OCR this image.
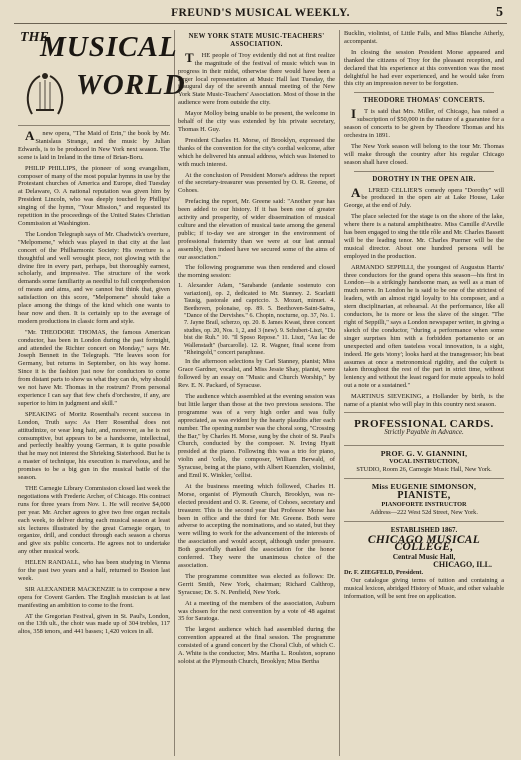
FREUND'S MUSICAL WEEKLY.	5
THE
MUSICAL
WORLD

Anew opera, "The Maid of Erin," the book by Mr. Stanislaus Strange, and the music by Julian Edwards, is to be produced in New York next season. The scene is laid in Ireland in the time of Brian-Boru.

PHILIP PHILLIPS, the pioneer of song evangelism, composer of many of the most popular hymns in use by the Protestant churches of America and Europe, died Tuesday at Delaware, O. A national reputation was given him by President Lincoln, who was deeply touched by Phillips' singing of the hymn, "Your Mission," and requested its repetition in the proceedings of the United States Christian Commission at Washington.

The London Telegraph says of Mr. Chadwick's overture, "Melpomene," which was played in that city at the last concert of the Philharmonic Society: His overture is a thoughtful and well wrought piece, not glowing with the divine fire in every part, perhaps, but thoroughly earnest, scholarly, and impressive. The structure of the work demands some familiarity as needful to full comprehension of means and aims, and we cannot but think that, given satisfaction on this score, "Melpomene" should take a place among the things of the kind which one wants to hear now and then. It is certainly up to the average of modern productions in classic form and style.

"Mr. THEODORE THOMAS, the famous American conductor, has been in London during the past fortnight, and attended the Richter concert on Monday," says Mr. Joseph Bennett in the Telegraph. "He leaves soon for Germany, but returns in September, on his way home. Since it is the fashion just now for conductors to come from distant parts to show us what they can do, why should we not have Mr. Thomas in the rostrum? From personal experience I can say that few chefs d'orchestre, if any, are superior to him in judgment and skill."

SPEAKING of Moritz Rosenthal's recent success in London, Truth says: As Herr Rosenthal does not attitudinize, or wear long hair, and, moreover, as he is not consumptive, but appears to be a handsome, intellectual, and perfectly healthy young German, it is quite possible that he may not interest the Shrieking Sisterhood. But he is a master of technique, his execution is marvelous, and he promises to be a big gun in the musical battle of the season.

THE Carnegie Library Commission closed last week the negotiations with Frederic Archer, of Chicago. His contract runs for three years from Nov. 1. He will receive $4,000 per year. Mr. Archer agrees to give two free organ recitals each week, to deliver during each musical season at least six lectures illustrated by the great Carnegie organ, to organize, drill, and conduct through each season a chorus and give six public concerts. He agrees not to undertake any other musical work.

HELEN RANDALL, who has been studying in Vienna for the past two years and a half, returned to Boston last week.

SIR ALEXANDER MACKENZIE is to compose a new opera for Covent Garden. The English musician is at last manifesting an ambition to come to the front.

AT the Gregorian Festival, given in St. Paul's, London, on the 13th ult., the choir was made up of 304 trebles, 117 altos, 358 tenors, and 441 basses; 1,420 voices in all.

NEW YORK STATE MUSIC-TEACHERS' ASSOCIATION.

THE people of Troy evidently did not at first realize the magnitude of the festival of music which was in progress in their midst, otherwise there would have been a larger local representation at Music Hall last Tuesday, the inaugural day of the seventh annual meeting of the New York State Music-Teachers' Association. Most of those in the audience were from outside the city.

Mayor Molloy being unable to be present, the welcome in behalf of the city was extended by his private secretary, Thomas H. Guy.

President Charles H. Morse, of Brooklyn, expressed the thanks of the convention for the city's cordial welcome, after which he delivered his annual address, which was listened to with much interest.

At the conclusion of President Morse's address the report of the secretary-treasurer was presented by O. R. Greene, of Cohoes.

Prefacing the report, Mr. Greene said: "Another year has been added to our history. If it has been one of greater activity and prosperity, of wider dissemination of musical culture and the elevation of musical taste among the general public; if to-day we are stronger in the environment of professional fraternity than we were at our last annual assembly, then indeed have we secured some of the aims of our association."

The following programme was then rendered and closed the morning session:

1. Alexander Adam, "Sarabande (andante sostenuto con variazioni), op. 2, dedicated to Mr. Stanney. 2. Scarlatti Tausig, pastorale and capriccio. 3. Mozart, minuet. 4. Beethoven, polonaise, op. 89. 5. Beethoven-Saint-Saëns, "Dance of the Dervishes." 6. Chopin, nocturne, op. 37, No. 1. 7. Jayne Brail, scherzo, op. 20. 8. James Kwast, three concert studies, op. 20, Nos. 1, 2, and 3 (new). 9. Schubert-Liszt, "Du bist die Ruh." 10. "Il Sposo Repose." 11. Liszt, "Au lac de Wallenstadt" (barcarolle). 12. R. Wagner, final scene from "Rheingold," concert paraphrase.

In the afternoon selections by Carl Stanney, pianist; Miss Grace Gardner, vocalist, and Miss Jessie Shay, pianist, were followed by an essay on "Music and Church Worship," by Rev. E. N. Packard, of Syracuse.

The audience which assembled at the evening session was but little larger than those at the two previous sessions. The programme was of a very high order and was fully appreciated, as was evident by the hearty plaudits after each number. The opening number was the choral song, "Crossing the Bar," by Charles H. Morse, sung by the choir of St. Paul's Church, conducted by the composer. N. Irving Hyatt presided at the piano. Following this was a trio for piano, violin and 'cello, the composer, William Berwald, of Syracuse, being at the piano, with Albert Kuenzlen, violinist, and Emil K. Winkler, 'cellist.

At the business meeting which followed, Charles H. Morse, organist of Plymouth Church, Brooklyn, was re-elected president and O. R. Greene, of Cohoes, secretary and treasurer. This is the second year that Professor Morse has been in office and the third for Mr. Greene. Both were adverse to accepting the nominations, and so stated, but they were willing to work for the advancement of the interests of the association and would accept, although under pressure. Both gracefully thanked the association for the honor conferred. They were the unanimous choice of the association.

The programme committee was elected as follows: Dr. Gerrit Smith, New York, chairman; Richard Calthrop, Syracuse; Dr. S. N. Penfield, New York.

At a meeting of the members of the association, Auburn was chosen for the next convention by a vote of 48 against 35 for Saratoga.

The largest audience which had assembled during the convention appeared at the final session. The programme consisted of a grand concert by the Choral Club, of which C. A. White is the conductor, Mrs. Martha L. Roulston, soprano soloist at the Plymouth Church, Brooklyn; Miss Bertha

Bucklin, violinist, of Little Falls, and Miss Blanche Atherly, accompanist.

In closing the session President Morse appeared and thanked the citizens of Troy for the pleasant reception, and declared that his experience at this convention was the most delightful he had ever experienced, and he would take from this city an impression never to be forgotten.

THEODORE THOMAS' CONCERTS.

IT is said that Mrs. Miller, of Chicago, has raised a subscription of $50,000 in the nature of a guarantee for a season of concerts to be given by Theodore Thomas and his orchestra in 1891.

The New York season will belong to the tour Mr. Thomas will make through the country after his regular Chicago season shall have closed.

DOROTHY IN THE OPEN AIR.

ALFRED CELLIER'S comedy opera "Dorothy" will be produced in the open air at Lake House, Lake George, at the end of July.

The place selected for the stage is on the shore of the lake, where there is a natural amphitheatre. Miss Camille d'Arville has been engaged to sing the title rôle and Mr. Charles Bassett will be the leading tenor. Mr. Charles Puerner will be the musical director. About one hundred persons will be employed in the production.

ARMANDO SEPPILLI, the youngest of Augustus Harris' three conductors for the grand opera this season—his first in London—is a strikingly handsome man, as well as a man of much nerve. In London he is said to be one of the strictest of leaders, with an almost rigid loyalty to his composer, and a stern disciplinarian, at rehearsal. At the performance, like all conductors, he is more or less the slave of the singer. "The right of Seppilli," says a London newspaper writer, in giving a sketch of the conductor, "during a performance when some singer surprises him with a forbidden portamento or an unexpected and often tasteless vocal innovation, is a sight, indeed. He gets 'stony'; looks hard at the transgressor; his beat assumes at once a metronomical rigidity, and the culprit is taken throughout the rest of the part in strict time, without leniency and without the least regard for mute appeals to hold out a note or a sustained."

MARTINUS SIEVEKING, a Hollander by birth, is the name of a pianist who will play in this country next season.

PROFESSIONAL CARDS.
Strictly Payable in Advance.
PROF. G. V. GIANNINI,
VOCAL INSTRUCTION,
STUDIO, Room 26, Carnegie Music Hall, New York.
Miss EUGENIE SIMONSON,
PIANISTE,
PIANOFORTE INSTRUCTOR
Address—222 West 52d Street, New York.
ESTABLISHED 1867.
CHICAGO MUSICAL COLLEGE,
Central Music Hall,
CHICAGO, ILL.
Dr. F. ZIEGFELD, President.

Our catalogue giving terms of tuition and containing a musical lexicon, abridged History of Music, and other valuable information, will be sent free on application.
